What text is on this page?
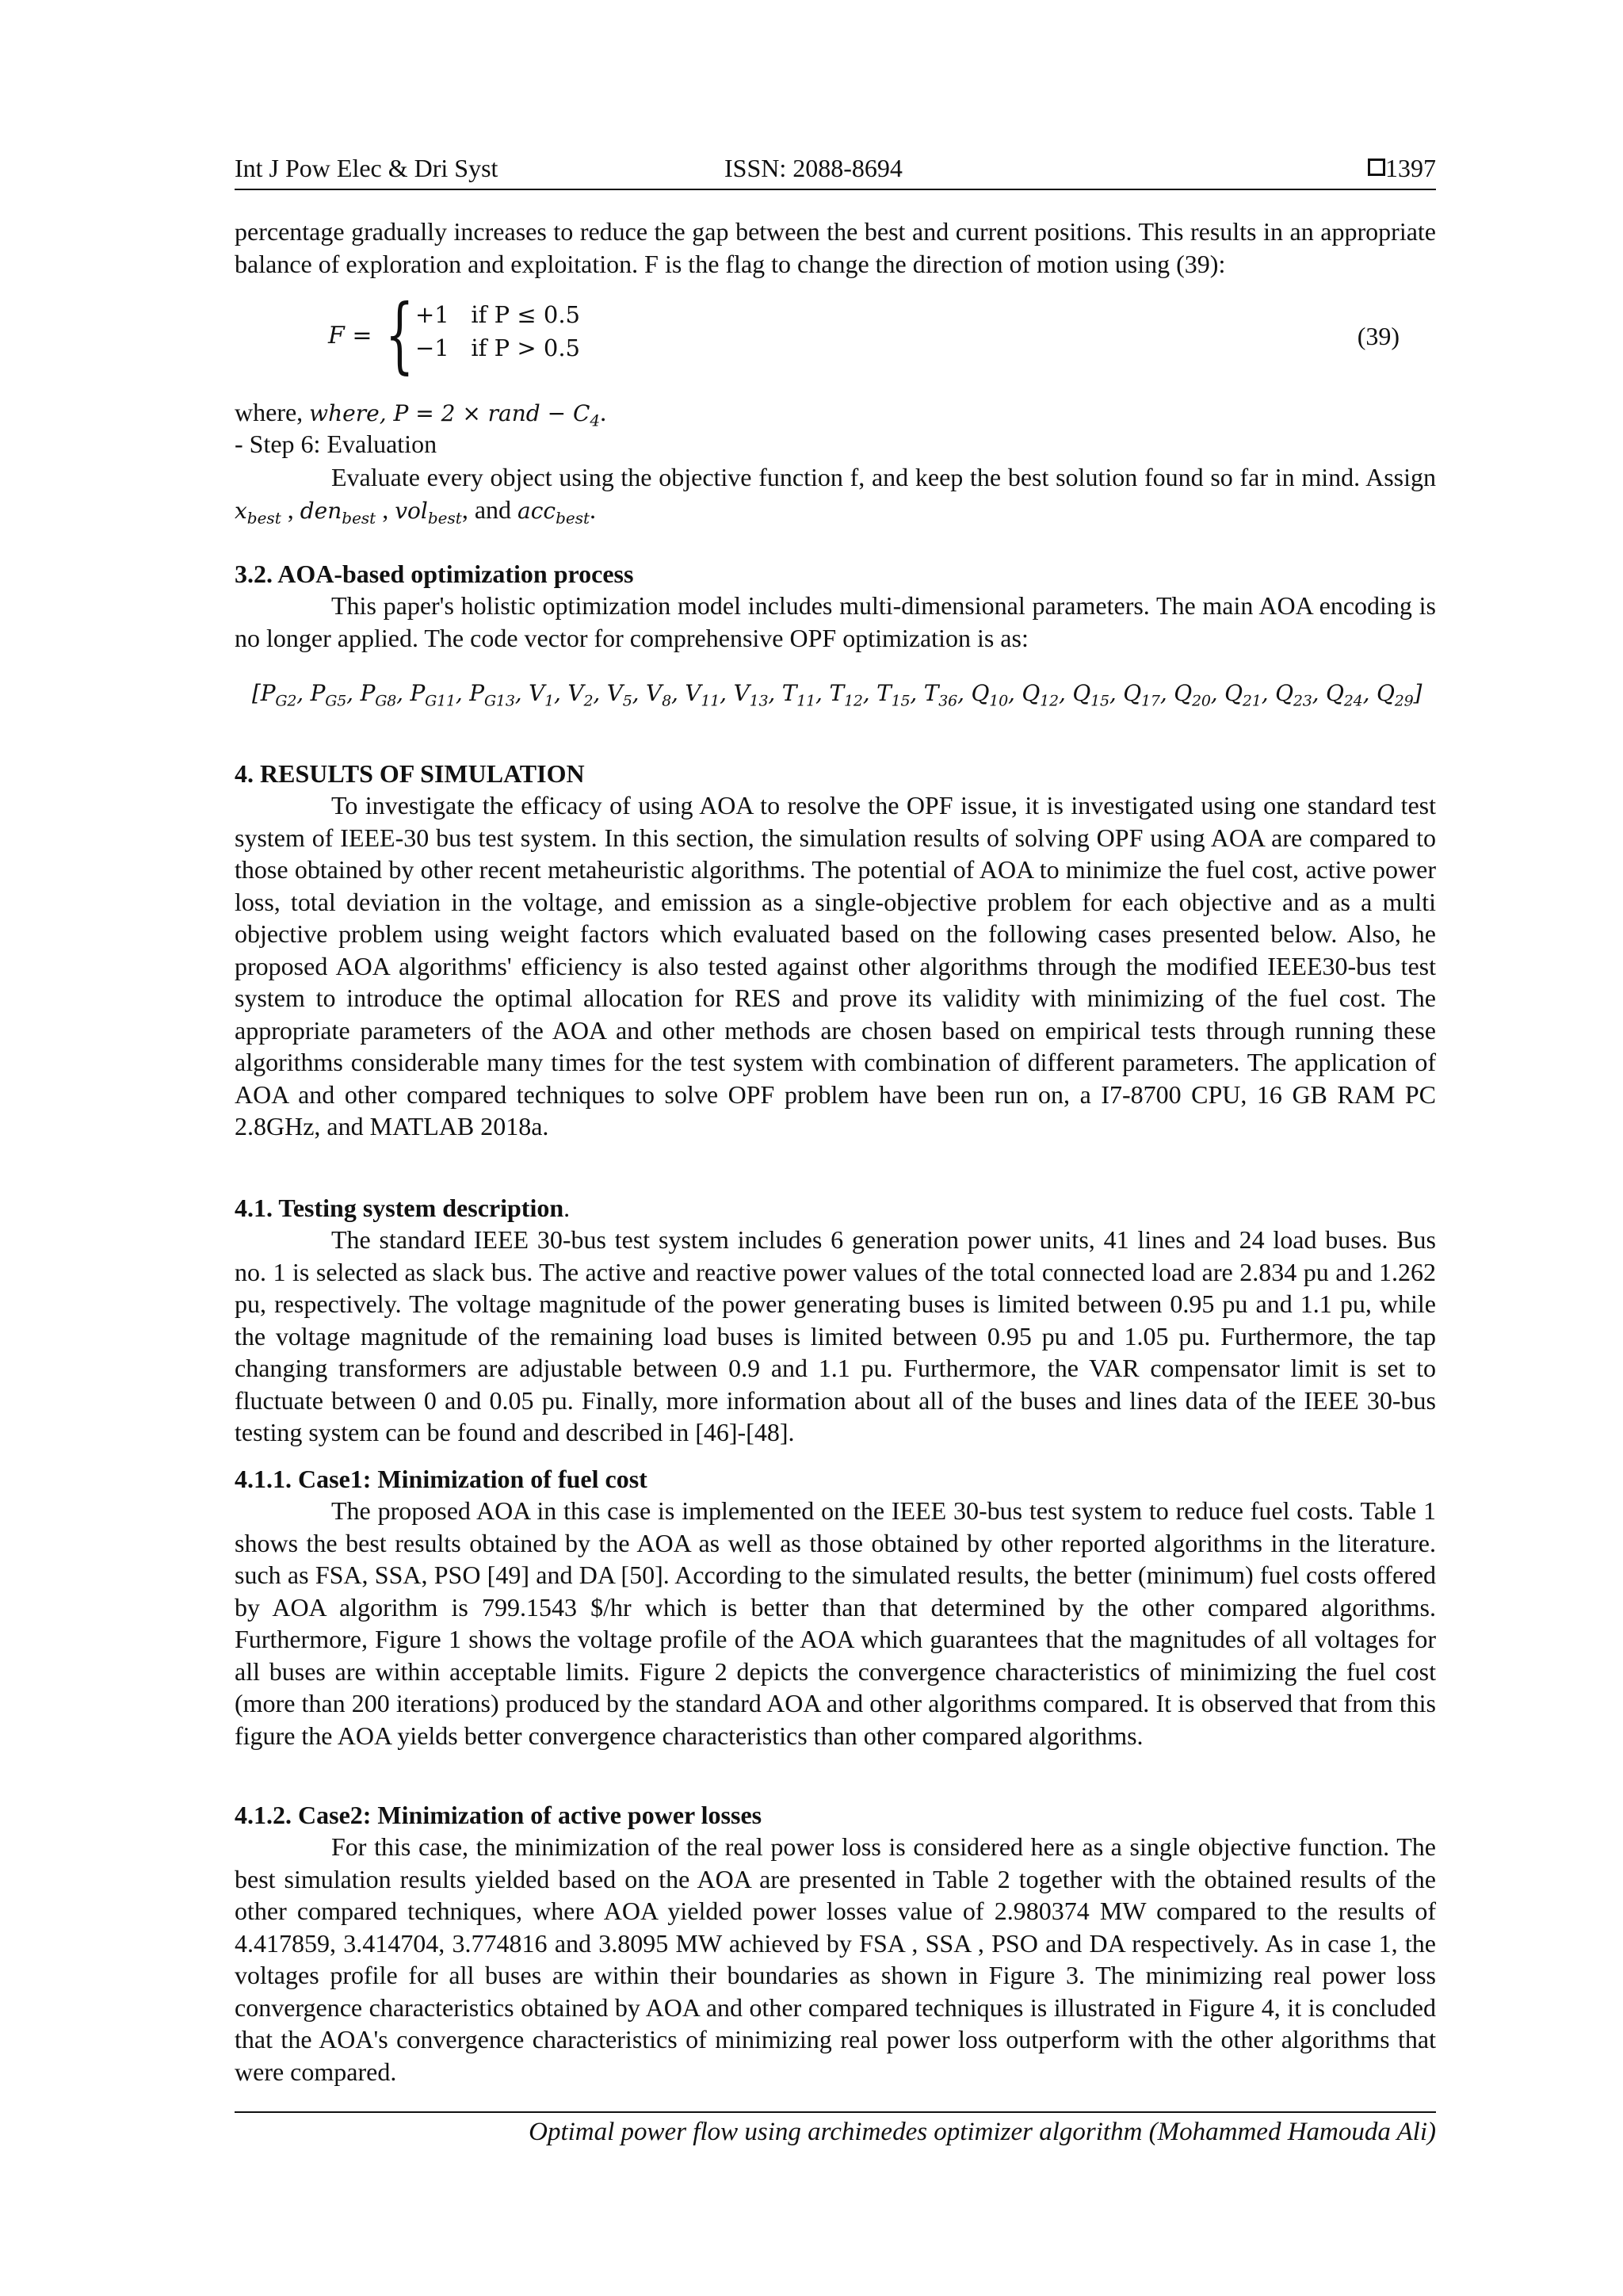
Int J Pow Elec & Dri Syst	ISSN: 2088-8694	1397

percentage gradually increases to reduce the gap between the best and current positions. This results in an appropriate balance of exploration and exploitation. F is the flag to change the direction of motion using (39):

F = { +1   if P ≤ 0.5
−1   if P > 0.5	(39)
where, where, P = 2 × rand − $C_4$.
- Step 6: Evaluation

Evaluate every object using the objective function f, and keep the best solution found so far in mind. Assign $x_{best}$ , den$_{best}$ , vol$_{best}$, and acc$_{best}$.

3.2. AOA-based optimization process

This paper's holistic optimization model includes multi-dimensional parameters. The main AOA encoding is no longer applied. The code vector for comprehensive OPF optimization is as:

[$P_{G2}$, $P_{G5}$, $P_{G8}$, $P_{G11}$, $P_{G13}$, $V_1$, $V_2$, $V_5$, $V_8$, $V_{11}$, $V_{13}$, $T_{11}$, $T_{12}$, $T_{15}$, $T_{36}$, $Q_{10}$, $Q_{12}$, $Q_{15}$, $Q_{17}$, $Q_{20}$, $Q_{21}$, $Q_{23}$, $Q_{24}$, $Q_{29}$]
4. RESULTS OF SIMULATION

To investigate the efficacy of using AOA to resolve the OPF issue, it is investigated using one standard test system of IEEE-30 bus test system. In this section, the simulation results of solving OPF using AOA are compared to those obtained by other recent metaheuristic algorithms. The potential of AOA to minimize the fuel cost, active power loss, total deviation in the voltage, and emission as a single-objective problem for each objective and as a multi objective problem using weight factors which evaluated based on the following cases presented below. Also, he proposed AOA algorithms' efficiency is also tested against other algorithms through the modified IEEE30-bus test system to introduce the optimal allocation for RES and prove its validity with minimizing of the fuel cost. The appropriate parameters of the AOA and other methods are chosen based on empirical tests through running these algorithms considerable many times for the test system with combination of different parameters. The application of AOA and other compared techniques to solve OPF problem have been run on, a I7-8700 CPU, 16 GB RAM PC 2.8GHz, and MATLAB 2018a.

4.1. Testing system description.

The standard IEEE 30-bus test system includes 6 generation power units, 41 lines and 24 load buses. Bus no. 1 is selected as slack bus. The active and reactive power values of the total connected load are 2.834 pu and 1.262 pu, respectively. The voltage magnitude of the power generating buses is limited between 0.95 pu and 1.1 pu, while the voltage magnitude of the remaining load buses is limited between 0.95 pu and 1.05 pu. Furthermore, the tap changing transformers are adjustable between 0.9 and 1.1 pu. Furthermore, the VAR compensator limit is set to fluctuate between 0 and 0.05 pu. Finally, more information about all of the buses and lines data of the IEEE 30-bus testing system can be found and described in [46]-[48].

4.1.1. Case1: Minimization of fuel cost

The proposed AOA in this case is implemented on the IEEE 30-bus test system to reduce fuel costs. Table 1 shows the best results obtained by the AOA as well as those obtained by other reported algorithms in the literature. such as FSA, SSA, PSO [49] and DA [50]. According to the simulated results, the better (minimum) fuel costs offered by AOA algorithm is 799.1543 $/hr which is better than that determined by the other compared algorithms. Furthermore, Figure 1 shows the voltage profile of the AOA which guarantees that the magnitudes of all voltages for all buses are within acceptable limits. Figure 2 depicts the convergence characteristics of minimizing the fuel cost (more than 200 iterations) produced by the standard AOA and other algorithms compared. It is observed that from this figure the AOA yields better convergence characteristics than other compared algorithms.

4.1.2. Case2: Minimization of active power losses

For this case, the minimization of the real power loss is considered here as a single objective function. The best simulation results yielded based on the AOA are presented in Table 2 together with the obtained results of the other compared techniques, where AOA yielded power losses value of 2.980374 MW compared to the results of 4.417859, 3.414704, 3.774816 and 3.8095 MW achieved by FSA , SSA , PSO and DA respectively. As in case 1, the voltages profile for all buses are within their boundaries as shown in Figure 3. The minimizing real power loss convergence characteristics obtained by AOA and other compared techniques is illustrated in Figure 4, it is concluded that the AOA's convergence characteristics of minimizing real power loss outperform with the other algorithms that were compared.

Optimal power flow using archimedes optimizer algorithm (Mohammed Hamouda Ali)
